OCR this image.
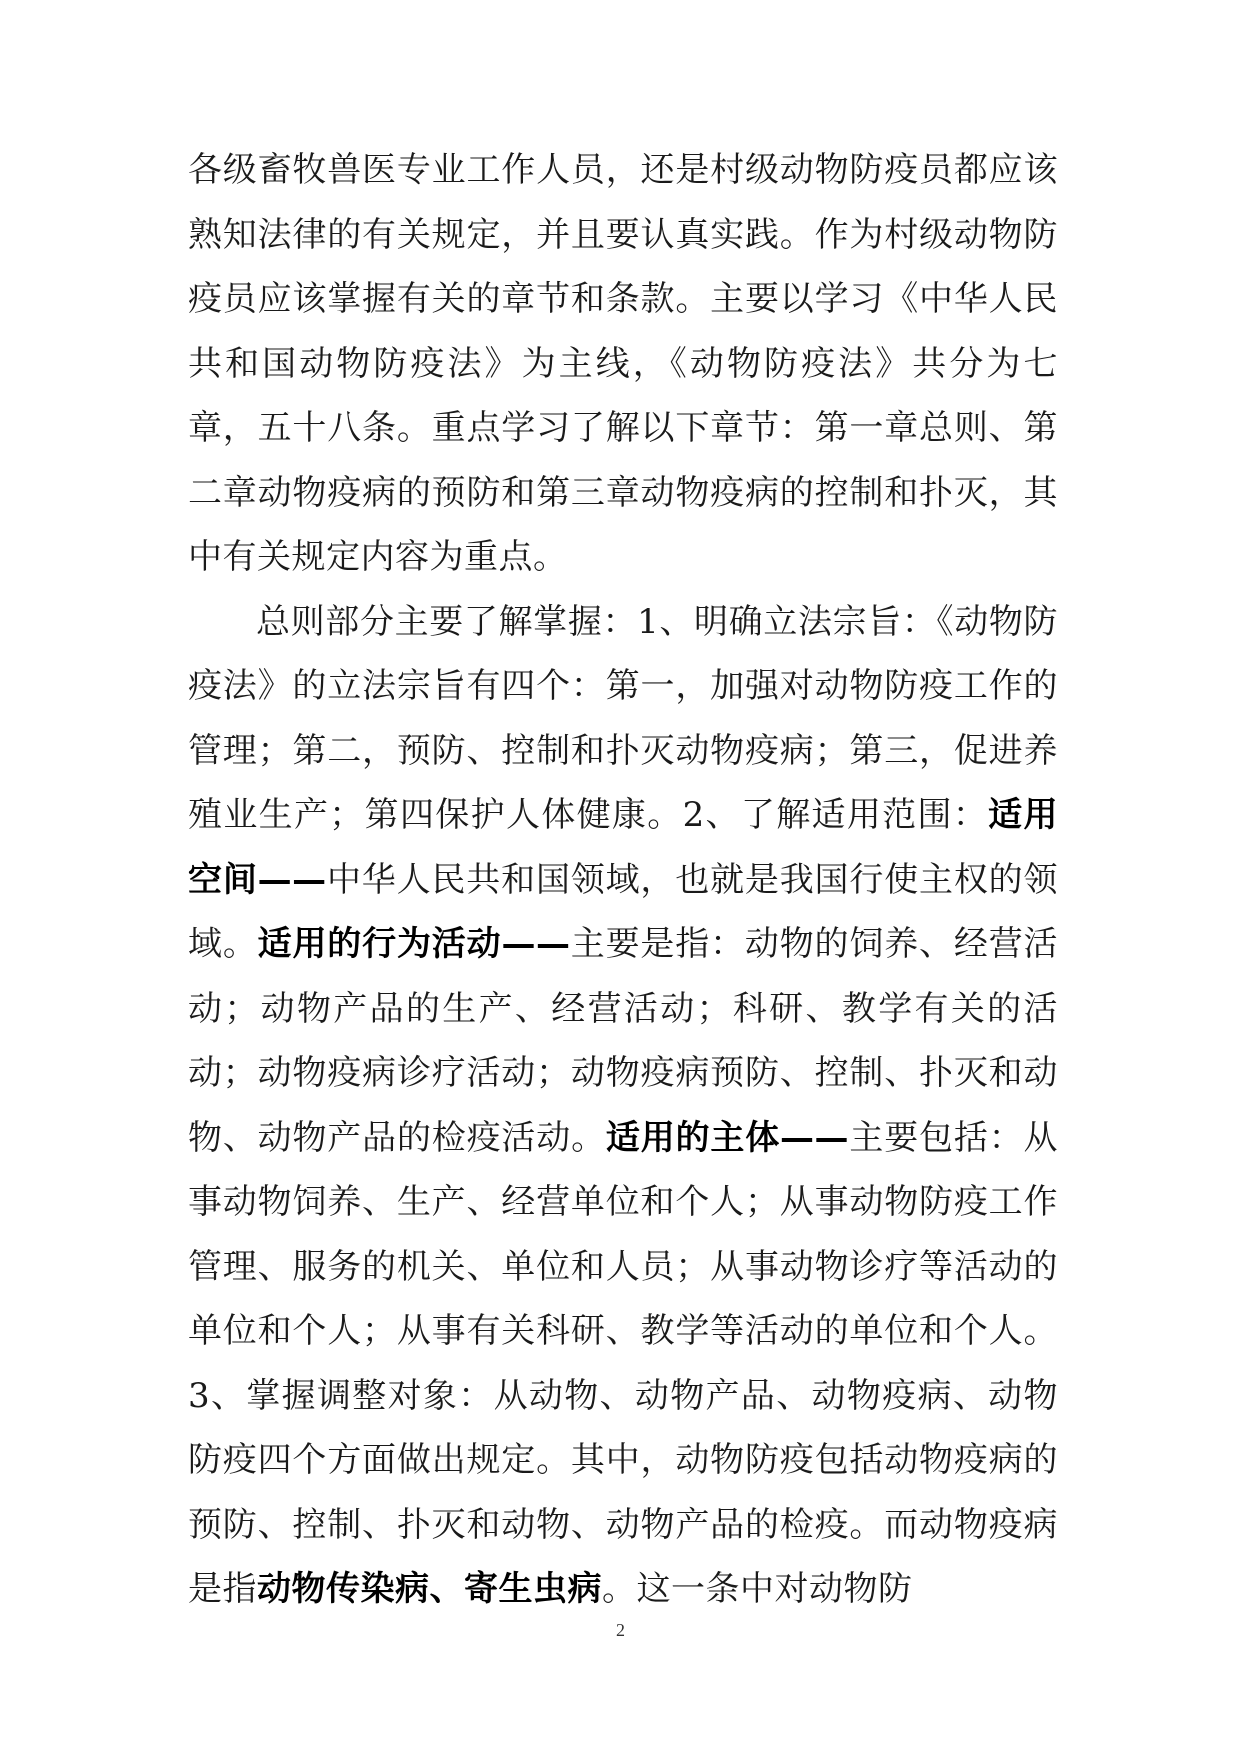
各级畜牧兽医专业工作人员，还是村级动物防疫员都应该熟知法律的有关规定，并且要认真实践。作为村级动物防疫员应该掌握有关的章节和条款。主要以学习《中华人民共和国动物防疫法》为主线，《动物防疫法》共分为七章，五十八条。重点学习了解以下章节：第一章总则、第二章动物疫病的预防和第三章动物疫病的控制和扑灭，其中有关规定内容为重点。

总则部分主要了解掌握：1、明确立法宗旨：《动物防疫法》的立法宗旨有四个：第一，加强对动物防疫工作的管理；第二，预防、控制和扑灭动物疫病；第三，促进养殖业生产；第四保护人体健康。2、了解适用范围：适用空间——中华人民共和国领域，也就是我国行使主权的领域。适用的行为活动——主要是指：动物的饲养、经营活动；动物产品的生产、经营活动；科研、教学有关的活动；动物疫病诊疗活动；动物疫病预防、控制、扑灭和动物、动物产品的检疫活动。适用的主体——主要包括：从事动物饲养、生产、经营单位和个人；从事动物防疫工作管理、服务的机关、单位和人员；从事动物诊疗等活动的单位和个人；从事有关科研、教学等活动的单位和个人。3、掌握调整对象：从动物、动物产品、动物疫病、动物防疫四个方面做出规定。其中，动物防疫包括动物疫病的预防、控制、扑灭和动物、动物产品的检疫。而动物疫病是指动物传染病、寄生虫病。这一条中对动物防

2
